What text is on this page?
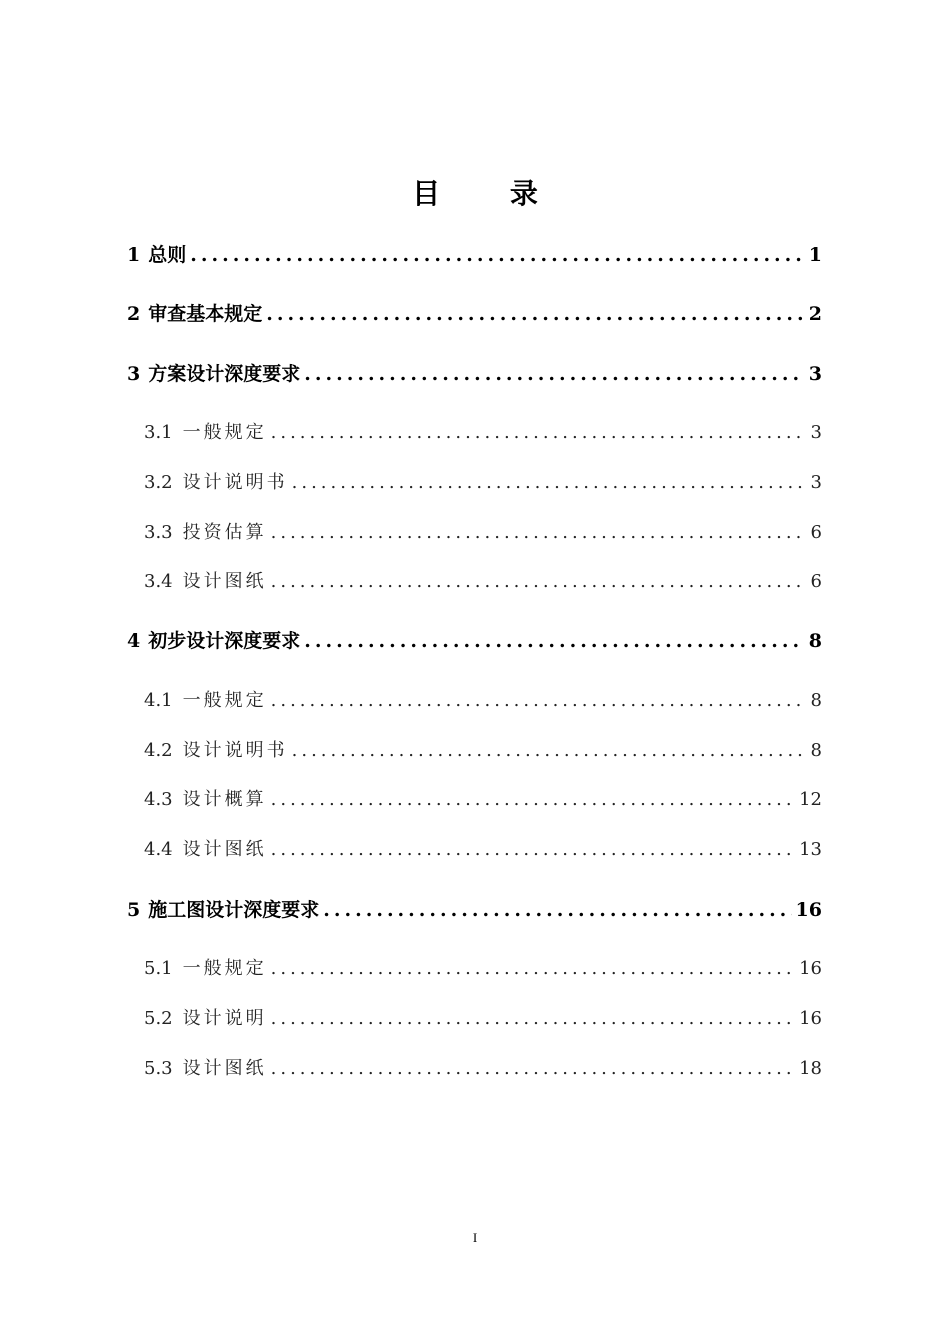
目 录
1 总则 .....	1
2 审查基本规定 .....	2
3 方案设计深度要求 .....	3
3.1 一般规定 .....	3
3.2 设计说明书 .....	3
3.3 投资估算 .....	6
3.4 设计图纸 .....	6
4 初步设计深度要求 .....	8
4.1 一般规定 .....	8
4.2 设计说明书 .....	8
4.3 设计概算 .....	12
4.4 设计图纸 .....	13
5 施工图设计深度要求 .....	16
5.1 一般规定 .....	16
5.2 设计说明 .....	16
5.3 设计图纸 .....	18
I
